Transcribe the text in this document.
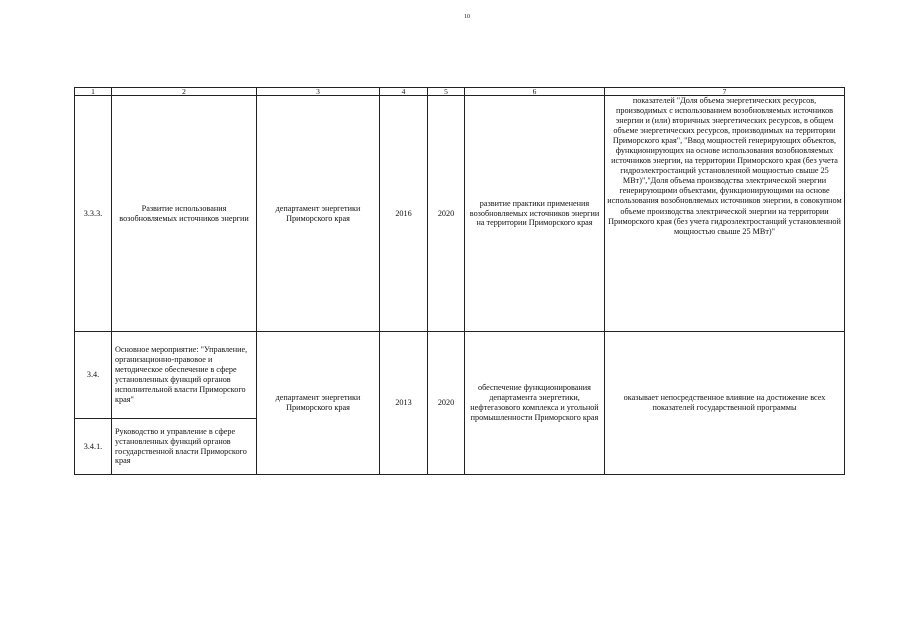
10
1	2	3	4	5	6	7
3.3.3.	Развитие использования возобновляемых источников энергии	департамент энергетики Приморского края	2016	2020	развитие практики применения возобновляемых источников энергии на территории Приморского края	показателей "Доля объема энергетических ресурсов, производимых с использованием возобновляемых источников энергии и (или) вторичных энергетических ресурсов, в общем объеме энергетических ресурсов, производимых на территории Приморского края", "Ввод мощностей генерирующих объектов, функционирующих на основе использования возобновляемых источников энергии, на территории Приморского края (без учета гидроэлектростанций установленной мощностью свыше 25 МВт)","Доля объема производства электрической энергии генерирующими объектами, функционирующими на основе использования возобновляемых источников энергии, в совокупном объеме производства электрической энергии на территории Приморского края (без учета гидроэлектростанций установленной мощностью свыше 25 МВт)"
3.4.	Основное мероприятие: "Управление, организационно-правовое и методическое обеспечение в сфере установленных функций органов исполнительной власти Приморского края"	департамент энергетики Приморского края	2013	2020	обеспечение функционирования департамента энергетики, нефтегазового комплекса и угольной промышленности Приморского края	оказывает непосредственное влияние на достижение всех показателей государственной программы
3.4.1.	Руководство и управление в сфере установленных функций органов государственной власти Приморского края					
